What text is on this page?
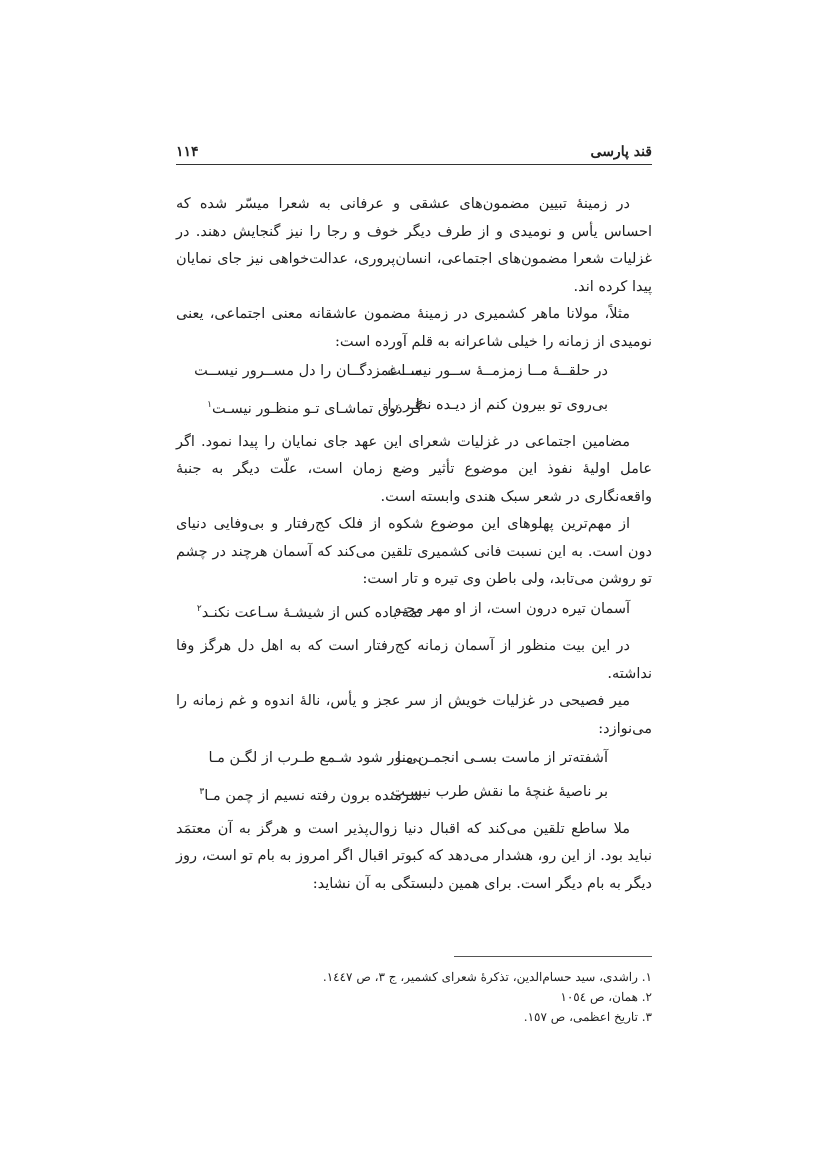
قند پارسی
۱۱۴

در زمینهٔ تبیین مضمون‌های عشقی و عرفانی به شعرا میسّر شده که احساس یأس و نومیدی و از طرف دیگر خوف و رجا را نیز گنجایش دهند. در غزلیات شعرا مضمون‌های اجتماعی، انسان‌پروری، عدالت‌خواهی نیز جای نمایان پیدا کرده اند.

مثلاً، مولانا ماهر کشمیری در زمینهٔ مضمون عاشقانه معنی اجتماعی، یعنی نومیدی از زمانه را خیلی شاعرانه به قلم آورده است:

در حلقــهٔ مــا زمزمــهٔ ســور نیســت
مــا غمزدگــان را دل مســرور نیســت
بی‌روی تو بیرون کنم از دیـده نظـر را
گر ذوق تماشـای تـو منظـور نیسـت$^۱$

مضامین اجتماعی در غزلیات شعرای این عهد جای نمایان را پیدا نمود. اگر عامل اولیهٔ نفوذ این موضوع تأثیر وضع زمان است، علّت دیگر به جنبهٔ واقعه‌نگاری در شعر سبک هندی وابسته است.

از مهم‌ترین پهلوهای این موضوع شکوه از فلک کج‌رفتار و بی‌وفایی دنیای دون است. به این نسبت فانی کشمیری تلقین می‌کند که آسمان هرچند در چشم تو روشن می‌تابد، ولی باطن وی تیره و تار است:

آسمان تیره درون است، از او مهر مجـو
تمهٔ باده کس از شیشـهٔ سـاعت نکنـد$^۲$

در این بیت منظور از آسمان زمانه کج‌رفتار است که به اهل دل هرگز وفا نداشته.

میر فصیحی در غزلیات خویش از سر عجز و یأس، نالهٔ اندوه و غم زمانه را می‌نوازد:

آشفته‌تر از ماست بسـی انجمـن مـا
بی‌نور شود شـمع طـرب از لگـن مـا
بر ناصیهٔ غنچهٔ ما نقش طرب نیسـت
شرمنده برون رفته نسیم از چمن مـا$^۳$

ملا ساطع تلقین می‌کند که اقبال دنیا زوال‌پذیر است و هرگز به آن معتمَد نباید بود. از این رو، هشدار می‌دهد که کبوتر اقبال اگر امروز به بام تو است، روز دیگر به بام دیگر است. برای همین دلبستگی به آن نشاید:

۱. راشدی، سید حسام‌الدین، تذکرهٔ شعرای کشمیر، ج ۳، ص ۱٤٤۷.
۲. همان، ص ۱۰٥٤
۳. تاریخ اعظمی، ص ۱٥۷.
